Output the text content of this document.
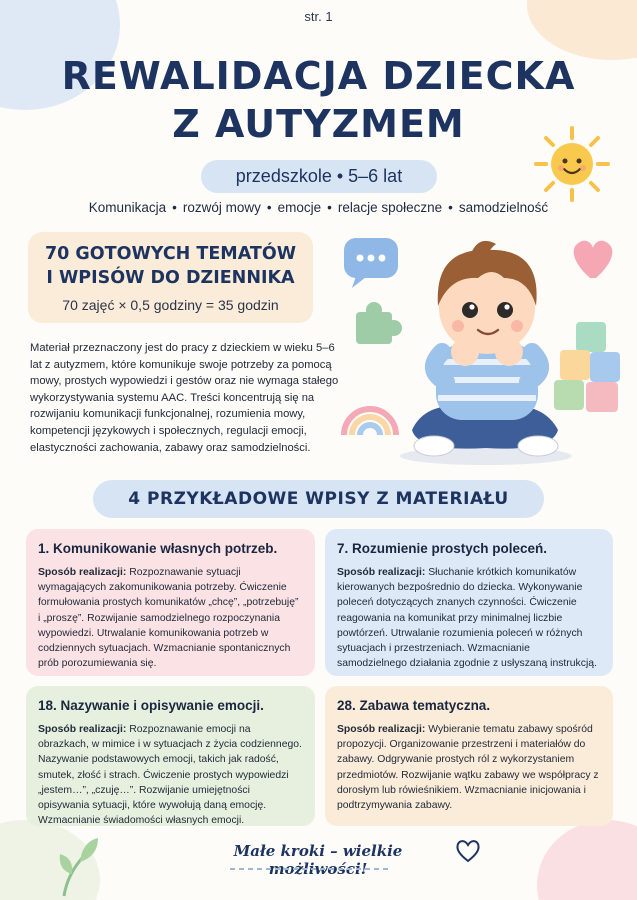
str. 1
REWALIDACJA DZIECKA
Z AUTYZMEM
przedszkole • 5–6 lat
Komunikacja • rozwój mowy • emocje • relacje społeczne • samodzielność
70 GOTOWYCH TEMATÓW
I WPISÓW DO DZIENNIKA
70 zajęć × 0,5 godziny = 35 godzin

Materiał przeznaczony jest do pracy z dzieckiem w wieku 5–6 lat z autyzmem, które komunikuje swoje potrzeby za pomocą mowy, prostych wypowiedzi i gestów oraz nie wymaga stałego wykorzystywania systemu AAC. Treści koncentrują się na rozwijaniu komunikacji funkcjonalnej, rozumienia mowy, kompetencji językowych i społecznych, regulacji emocji, elastyczności zachowania, zabawy oraz samodzielności.

4 PRZYKŁADOWE WPISY Z MATERIAŁU
1. Komunikowanie własnych potrzeb.

Sposób realizacji: Rozpoznawanie sytuacji wymagających zakomunikowania potrzeby. Ćwiczenie formułowania prostych komunikatów „chcę”, „potrzebuję” i „proszę”. Rozwijanie samodzielnego rozpoczynania wypowiedzi. Utrwalanie komunikowania potrzeb w codziennych sytuacjach. Wzmacnianie spontanicznych prób porozumiewania się.

7. Rozumienie prostych poleceń.

Sposób realizacji: Słuchanie krótkich komunikatów kierowanych bezpośrednio do dziecka. Wykonywanie poleceń dotyczących znanych czynności. Ćwiczenie reagowania na komunikat przy minimalnej liczbie powtórzeń. Utrwalanie rozumienia poleceń w różnych sytuacjach i przestrzeniach. Wzmacnianie samodzielnego działania zgodnie z usłyszaną instrukcją.

18. Nazywanie i opisywanie emocji.

Sposób realizacji: Rozpoznawanie emocji na obrazkach, w mimice i w sytuacjach z życia codziennego. Nazywanie podstawowych emocji, takich jak radość, smutek, złość i strach. Ćwiczenie prostych wypowiedzi „jestem…”, „czuję…”. Rozwijanie umiejętności opisywania sytuacji, które wywołują daną emocję. Wzmacnianie świadomości własnych emocji.

28. Zabawa tematyczna.

Sposób realizacji: Wybieranie tematu zabawy spośród propozycji. Organizowanie przestrzeni i materiałów do zabawy. Odgrywanie prostych ról z wykorzystaniem przedmiotów. Rozwijanie wątku zabawy we współpracy z dorosłym lub rówieśnikiem. Wzmacnianie inicjowania i podtrzymywania zabawy.

Małe kroki – wielkie możliwości!
